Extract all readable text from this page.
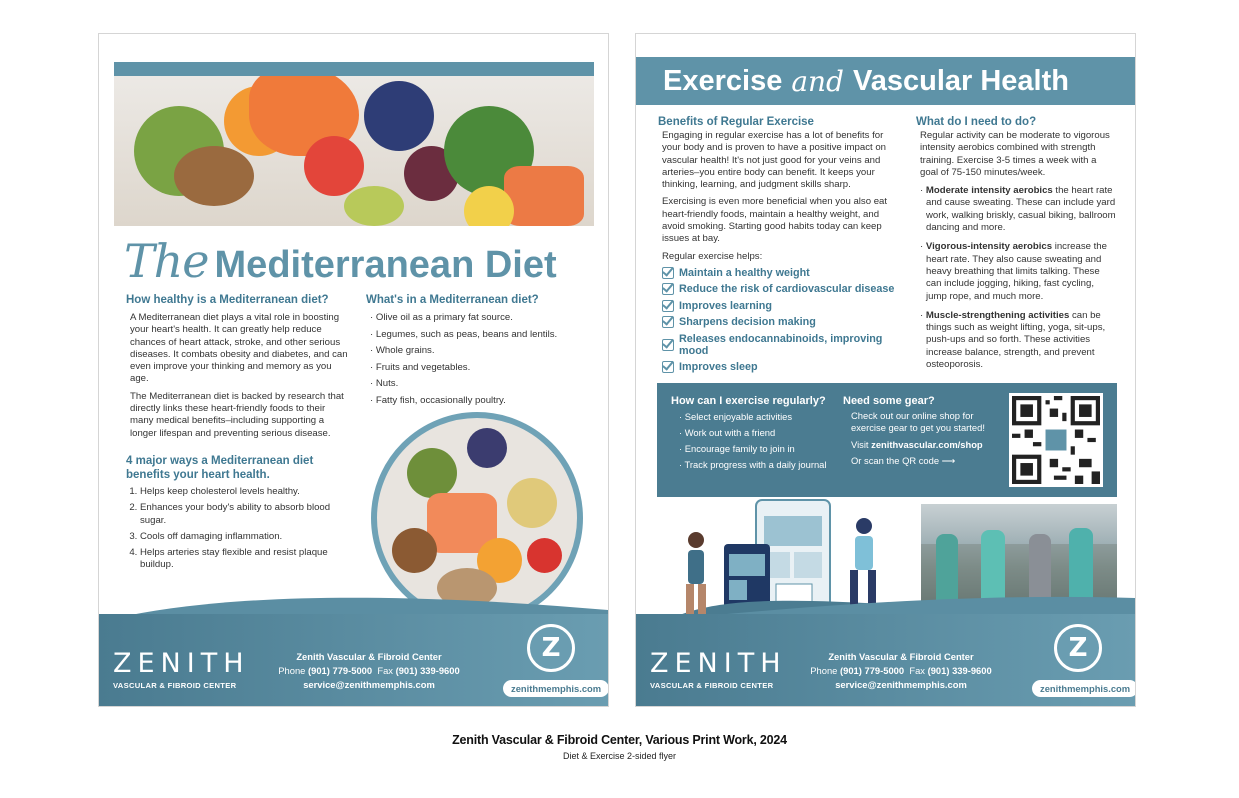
The Mediterranean Diet
How healthy is a Mediterranean diet?

A Mediterranean diet plays a vital role in boosting your heart's health. It can greatly help reduce chances of heart attack, stroke, and other serious diseases. It combats obesity and diabetes, and can even improve your thinking and memory as you age.

The Mediterranean diet is backed by research that directly links these heart-friendly foods to their many medical benefits–including supporting a longer lifespan and preventing serious disease.

4 major ways a Mediterranean diet benefits your heart health.
1. Helps keep cholesterol levels healthy.
2. Enhances your body's ability to absorb blood sugar.
3. Cools off damaging inflammation.
4. Helps arteries stay flexible and resist plaque buildup.
What's in a Mediterranean diet?
· Olive oil as a primary fat source.
· Legumes, such as peas, beans and lentils.
· Whole grains.
· Fruits and vegetables.
· Nuts.
· Fatty fish, occasionally poultry.
ZENITH
VASCULAR & FIBROID CENTER
Zenith Vascular & Fibroid Center
Phone (901) 779-5000 Fax (901) 339-9600
service@zenithmemphis.com
Z
zenithmemphis.com
Exercise and Vascular Health
Benefits of Regular Exercise

Engaging in regular exercise has a lot of benefits for your body and is proven to have a positive impact on vascular health! It's not just good for your veins and arteries–you entire body can benefit. It keeps your thinking, learning, and judgment skills sharp.

Exercising is even more beneficial when you also eat heart-friendly foods, maintain a healthy weight, and avoid smoking. Starting good habits today can keep issues at bay.

Regular exercise helps:

Maintain a healthy weight
Reduce the risk of cardiovascular disease
Improves learning
Sharpens decision making
Releases endocannabinoids, improving mood
Improves sleep
What do I need to do?

Regular activity can be moderate to vigorous intensity aerobics combined with strength training. Exercise 3-5 times a week with a goal of 75-150 minutes/week.

· Moderate intensity aerobics the heart rate and cause sweating. These can include yard work, walking briskly, casual biking, ballroom dancing and more.
· Vigorous-intensity aerobics increase the heart rate. They also cause sweating and heavy breathing that limits talking. These can include jogging, hiking, fast cycling, jump rope, and much more.
· Muscle-strengthening activities can be things such as weight lifting, yoga, sit-ups, push-ups and so forth. These activities increase balance, strength, and prevent osteoporosis.
How can I exercise regularly?
· Select enjoyable activities
· Work out with a friend
· Encourage family to join in
· Track progress with a daily journal
Need some gear?
Check out our online shop for exercise gear to get you started!
Visit zenithvascular.com/shop
Or scan the QR code ⟶
ZENITH
VASCULAR & FIBROID CENTER
Zenith Vascular & Fibroid Center
Phone (901) 779-5000 Fax (901) 339-9600
service@zenithmemphis.com
Z
zenithmemphis.com
Zenith Vascular & Fibroid Center, Various Print Work, 2024
Diet & Exercise 2-sided flyer
